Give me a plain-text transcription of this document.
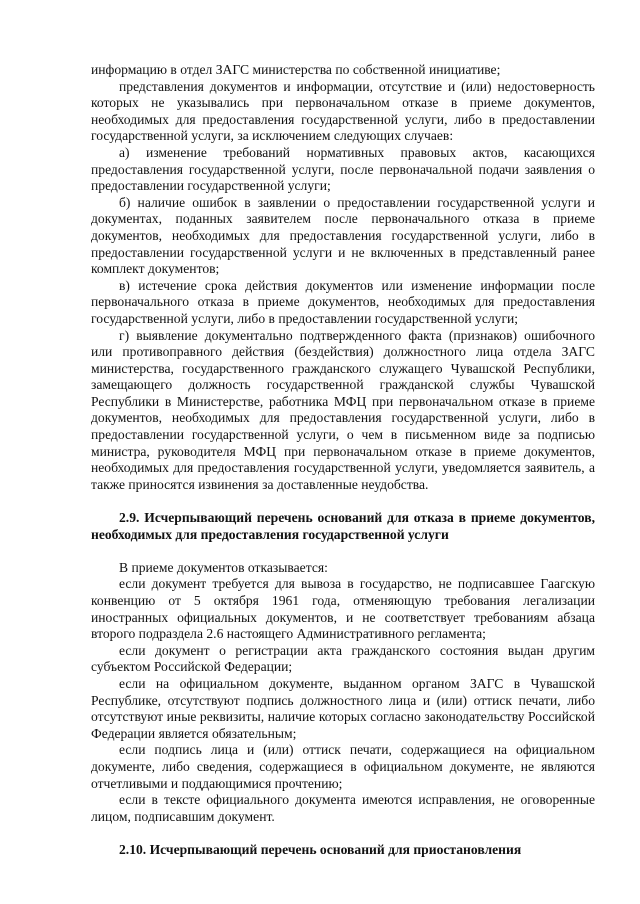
информацию в отдел ЗАГС министерства по собственной инициативе;

представления документов и информации, отсутствие и (или) недостоверность которых не указывались при первоначальном отказе в приеме документов, необходимых для предоставления государственной услуги, либо в предоставлении государственной услуги, за исключением следующих случаев:

а) изменение требований нормативных правовых актов, касающихся предоставления государственной услуги, после первоначальной подачи заявления о предоставлении государственной услуги;

б) наличие ошибок в заявлении о предоставлении государственной услуги и документах, поданных заявителем после первоначального отказа в приеме документов, необходимых для предоставления государственной услуги, либо в предоставлении государственной услуги и не включенных в представленный ранее комплект документов;

в) истечение срока действия документов или изменение информации после первоначального отказа в приеме документов, необходимых для предоставления государственной услуги, либо в предоставлении государственной услуги;

г) выявление документально подтвержденного факта (признаков) ошибочного или противоправного действия (бездействия) должностного лица отдела ЗАГС министерства, государственного гражданского служащего Чувашской Республики, замещающего должность государственной гражданской службы Чувашской Республики в Министерстве, работника МФЦ при первоначальном отказе в приеме документов, необходимых для предоставления государственной услуги, либо в предоставлении государственной услуги, о чем в письменном виде за подписью министра, руководителя МФЦ при первоначальном отказе в приеме документов, необходимых для предоставления государственной услуги, уведомляется заявитель, а также приносятся извинения за доставленные неудобства.

2.9. Исчерпывающий перечень оснований для отказа в приеме документов, необходимых для предоставления государственной услуги

В приеме документов отказывается:

если документ требуется для вывоза в государство, не подписавшее Гаагскую конвенцию от 5 октября 1961 года, отменяющую требования легализации иностранных официальных документов, и не соответствует требованиям абзаца второго подраздела 2.6 настоящего Административного регламента;

если документ о регистрации акта гражданского состояния выдан другим субъектом Российской Федерации;

если на официальном документе, выданном органом ЗАГС в Чувашской Республике, отсутствуют подпись должностного лица и (или) оттиск печати, либо отсутствуют иные реквизиты, наличие которых согласно законодательству Российской Федерации является обязательным;

если подпись лица и (или) оттиск печати, содержащиеся на официальном документе, либо сведения, содержащиеся в официальном документе, не являются отчетливыми и поддающимися прочтению;

если в тексте официального документа имеются исправления, не оговоренные лицом, подписавшим документ.

2.10. Исчерпывающий перечень оснований для приостановления
